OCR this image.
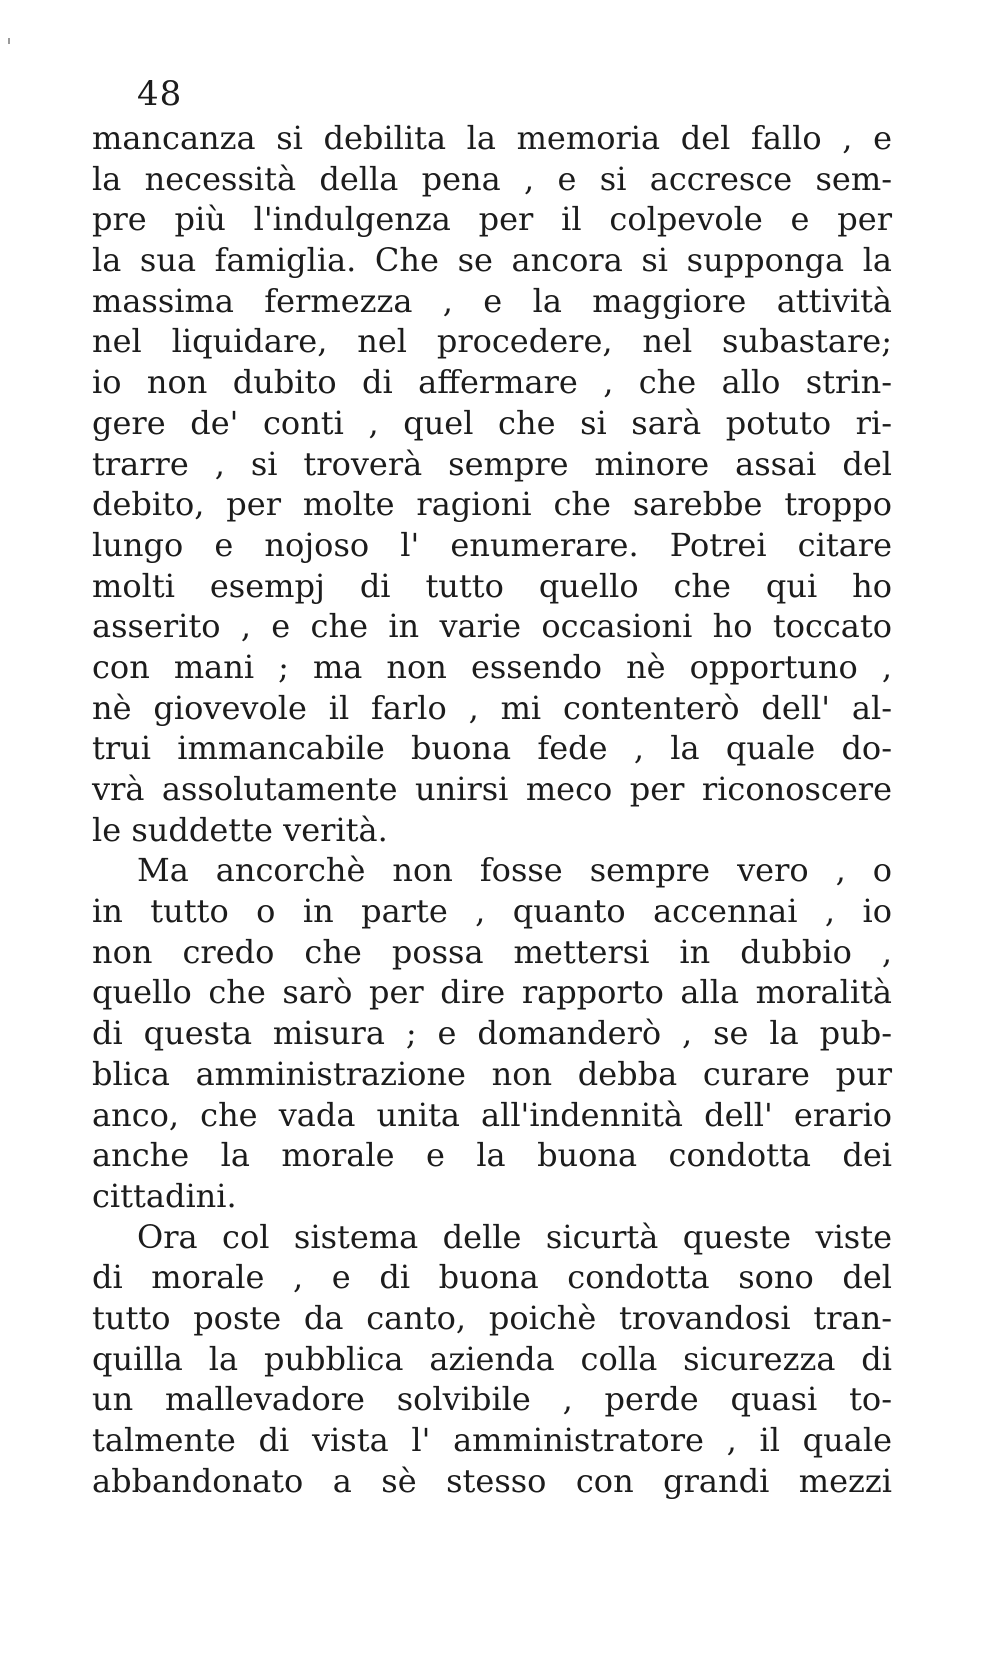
48
mancanza si debilita la memoria del fallo , e
la necessità della pena , e si accresce sem-
pre più l'indulgenza per il colpevole e per
la sua famiglia. Che se ancora si supponga la
massima fermezza , e la maggiore attività
nel liquidare, nel procedere, nel subastare;
io non dubito di affermare , che allo strin-
gere de' conti , quel che si sarà potuto ri-
trarre , si troverà sempre minore assai del
debito, per molte ragioni che sarebbe troppo
lungo e nojoso l' enumerare. Potrei citare
molti esempj di tutto quello che qui ho
asserito , e che in varie occasioni ho toccato
con mani ; ma non essendo nè opportuno ,
nè giovevole il farlo , mi contenterò dell' al-
trui immancabile buona fede , la quale do-
vrà assolutamente unirsi meco per riconoscere
le suddette verità.
Ma ancorchè non fosse sempre vero , o
in tutto o in parte , quanto accennai , io
non credo che possa mettersi in dubbio ,
quello che sarò per dire rapporto alla moralità
di questa misura ; e domanderò , se la pub-
blica amministrazione non debba curare pur
anco, che vada unita all'indennità dell' erario
anche la morale e la buona condotta dei
cittadini.
Ora col sistema delle sicurtà queste viste
di morale , e di buona condotta sono del
tutto poste da canto, poichè trovandosi tran-
quilla la pubblica azienda colla sicurezza di
un mallevadore solvibile , perde quasi to-
talmente di vista l' amministratore , il quale
abbandonato a sè stesso con grandi mezzi
